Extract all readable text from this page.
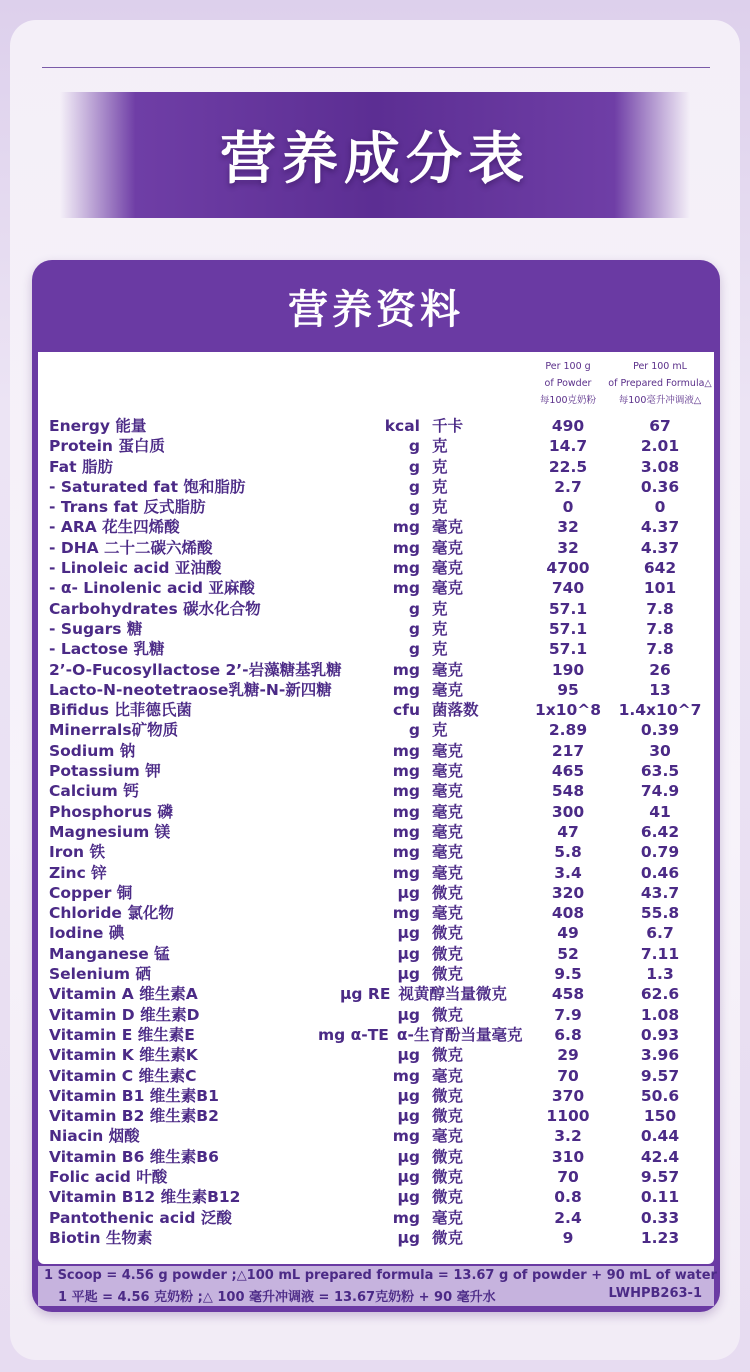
营养成分表
营养资料
Per 100 g
of Powder
每100克奶粉
Per 100 mL
of Prepared Formula△
每100毫升冲调液△
Energy 能量	kcal 千卡	490	67
Protein 蛋白质	g 克	14.7	2.01
Fat 脂肪	g 克	22.5	3.08
- Saturated fat 饱和脂肪	g 克	2.7	0.36
- Trans fat 反式脂肪	g 克	0	0
- ARA 花生四烯酸	mg 毫克	32	4.37
- DHA 二十二碳六烯酸	mg 毫克	32	4.37
- Linoleic acid 亚油酸	mg 毫克	4700	642
- α- Linolenic acid 亚麻酸	mg 毫克	740	101
Carbohydrates 碳水化合物	g 克	57.1	7.8
- Sugars 糖	g 克	57.1	7.8
- Lactose 乳糖	g 克	57.1	7.8
2’-O-Fucosyllactose 2’-岩藻糖基乳糖	mg 毫克	190	26
Lacto-N-neotetraose乳糖-N-新四糖	mg 毫克	95	13
Bifidus 比菲德氏菌	cfu 菌落数	1x10^8	1.4x10^7
Minerrals矿物质	g 克	2.89	0.39
Sodium 钠	mg 毫克	217	30
Potassium 钾	mg 毫克	465	63.5
Calcium 钙	mg 毫克	548	74.9
Phosphorus 磷	mg 毫克	300	41
Magnesium 镁	mg 毫克	47	6.42
Iron 铁	mg 毫克	5.8	0.79
Zinc 锌	mg 毫克	3.4	0.46
Copper 铜	μg 微克	320	43.7
Chloride 氯化物	mg 毫克	408	55.8
Iodine 碘	μg 微克	49	6.7
Manganese 锰	μg 微克	52	7.11
Selenium 硒	μg 微克	9.5	1.3
Vitamin A 维生素A	μg RE 视黄醇当量微克	458	62.6
Vitamin D 维生素D	μg 微克	7.9	1.08
Vitamin E 维生素E	mg α-TE α-生育酚当量毫克	6.8	0.93
Vitamin K 维生素K	μg 微克	29	3.96
Vitamin C 维生素C	mg 毫克	70	9.57
Vitamin B1 维生素B1	μg 微克	370	50.6
Vitamin B2 维生素B2	μg 微克	1100	150
Niacin 烟酸	mg 毫克	3.2	0.44
Vitamin B6 维生素B6	μg 微克	310	42.4
Folic acid 叶酸	μg 微克	70	9.57
Vitamin B12 维生素B12	μg 微克	0.8	0.11
Pantothenic acid 泛酸	mg 毫克	2.4	0.33
Biotin 生物素	μg 微克	9	1.23
1 Scoop = 4.56 g powder ;△100 mL prepared formula = 13.67 g of powder + 90 mL of water
1 平匙 = 4.56 克奶粉 ;△ 100 毫升冲调液 = 13.67克奶粉 + 90 毫升水	LWHPB263-1
